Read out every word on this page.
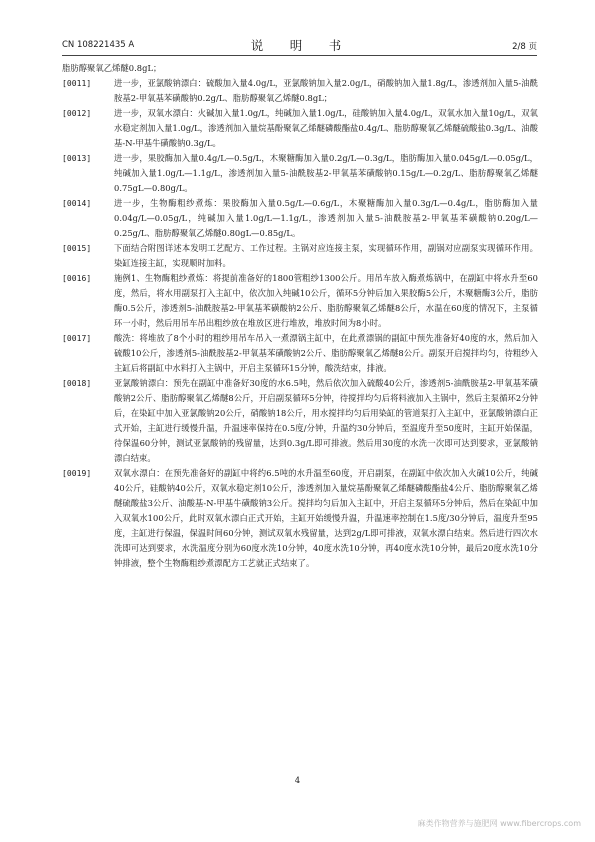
CN 108221435 A	说　明　书	2/8 页
脂肪醇聚氧乙烯醚0.8gL；
[0011]	进一步，亚氯酸钠漂白：硫酸加入量4.0g/L，亚氯酸钠加入量2.0g/L，硝酸钠加入量1.8g/L，渗透剂加入量5-油酰胺基2-甲氧基苯磺酸钠0.2g/L、脂肪醇聚氧乙烯醚0.8gL；
[0012]	进一步，双氧水漂白：火碱加入量1.0g/L，纯碱加入量1.0g/L，硅酸钠加入量4.0g/L，双氧水加入量10g/L，双氧水稳定剂加入量1.0g/L，渗透剂加入量烷基酚聚氧乙烯醚磷酸酯盐0.4g/L、脂肪醇聚氧乙烯醚硫酸盐0.3g/L、油酸基-N-甲基牛磺酸钠0.3g/L。
[0013]	进一步，果胶酶加入量0.4g/L—0.5g/L，木聚糖酶加入量0.2g/L—0.3g/L，脂肪酶加入量0.045g/L—0.05g/L，纯碱加入量1.0g/L—1.1g/L，渗透剂加入量5-油酰胺基2-甲氧基苯磺酸钠0.15g/L—0.2g/L、脂肪醇聚氧乙烯醚0.75gL—0.80g/L。
[0014]	进一步，生物酶粗纱煮炼：果胶酶加入量0.5g/L—0.6g/L，木聚糖酶加入量0.3g/L—0.4g/L，脂肪酶加入量0.04g/L—0.05g/L，纯碱加入量1.0g/L—1.1g/L，渗透剂加入量5-油酰胺基2-甲氧基苯磺酸钠0.20g/L—0.25g/L、脂肪醇聚氧乙烯醚0.80gL—0.85g/L。
[0015]	下面结合附图详述本发明工艺配方、工作过程。主锅对应连接主泵，实现循环作用，副锅对应副泵实现循环作用。染缸连接主缸，实现顺时加料。
[0016]	施例1、生物酶粗纱煮炼：将提前准备好的1800管粗纱1300公斤。用吊车放入酶煮炼锅中，在副缸中将水升至60度，然后，将水用副泵打入主缸中，依次加入纯碱10公斤，循环5分钟后加入果胶酶5公斤，木聚糖酶3公斤，脂肪酶0.5公斤，渗透剂5-油酰胺基2-甲氧基苯磺酸钠2公斤、脂肪醇聚氧乙烯醚8公斤，水温在60度的情况下，主泵循环一小时，然后用吊车吊出粗纱放在堆放区进行堆放，堆放时间为8小时。
[0017]	酸洗：将堆放了8个小时的粗纱用吊车吊入一煮漂锅主缸中，在此煮漂锅的副缸中预先准备好40度的水，然后加入硫酸10公斤，渗透剂5-油酰胺基2-甲氧基苯磺酸钠2公斤、脂肪醇聚氧乙烯醚8公斤。副泵开启搅拌均匀，待粗纱入主缸后将副缸中水料打入主锅中，开启主泵循环15分钟，酸洗结束，排液。
[0018]	亚氯酸钠漂白：预先在副缸中准备好30度的水6.5吨，然后依次加入硫酸40公斤，渗透剂5-油酰胺基2-甲氧基苯磺酸钠2公斤、脂肪醇聚氧乙烯醚8公斤，开启副泵循环5分钟，待搅拌均匀后将料液加入主锅中，然后主泵循环2分钟后，在染缸中加入亚氯酸钠20公斤，硝酸钠18公斤，用水搅拌均匀后用染缸的管道泵打入主缸中，亚氯酸钠漂白正式开始，主缸进行缓慢升温，升温速率保持在0.5度/分钟，升温约30分钟后，至温度升至50度时，主缸开始保温，待保温60分钟，测试亚氯酸钠的残留量，达到0.3g/L即可排液。然后用30度的水洗一次即可达到要求，亚氯酸钠漂白结束。
[0019]	双氧水漂白：在预先准备好的副缸中将约6.5吨的水升温至60度，开启副泵，在副缸中依次加入火碱10公斤，纯碱40公斤，硅酸钠40公斤，双氧水稳定剂10公斤，渗透剂加入量烷基酚聚氧乙烯醚磷酸酯盐4公斤、脂肪醇聚氧乙烯醚硫酸盐3公斤、油酸基-N-甲基牛磺酸钠3公斤。搅拌均匀后加入主缸中，开启主泵循环5分钟后，然后在染缸中加入双氧水100公斤，此时双氧水漂白正式开始，主缸开始缓慢升温，升温速率控制在1.5度/30分钟后，温度升至95度，主缸进行保温，保温时间60分钟，测试双氧水残留量，达到2g/L即可排液，双氧水漂白结束。然后进行四次水洗即可达到要求，水洗温度分别为60度水洗10分钟，40度水洗10分钟，再40度水洗10分钟，最后20度水洗10分钟排液，整个生物酶粗纱煮漂配方工艺就正式结束了。
4
麻类作物营养与施肥网 www.fibercrops.com
